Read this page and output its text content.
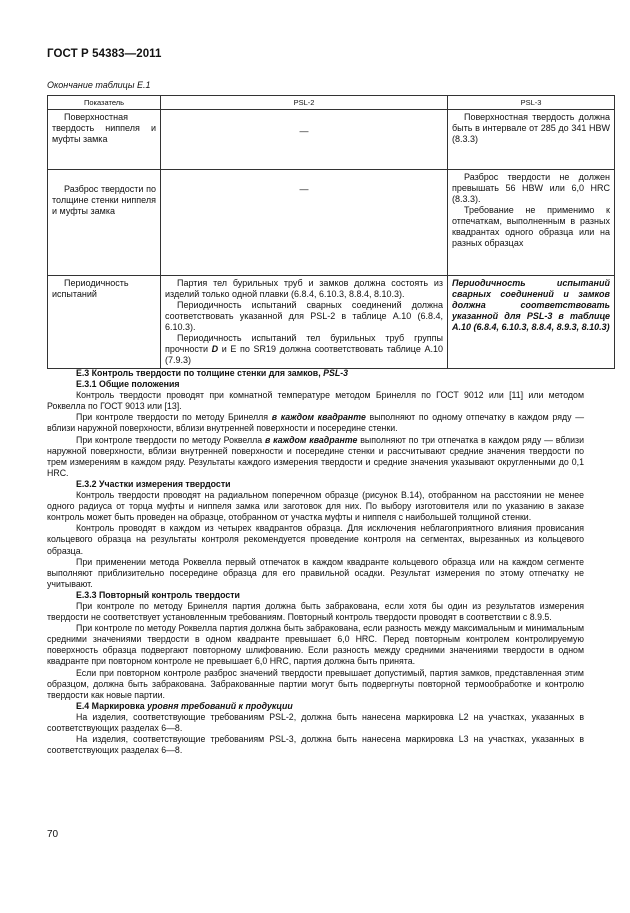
ГОСТ Р 54383—2011
Окончание таблицы Е.1
Показатель	PSL-2	PSL-3

Поверхностная твердость ниппеля и муфты замка	—	Поверхностная твердость должна быть в интервале от 285 до 341 HBW (8.3.3)

Разброс твердости по толщине стенки ниппеля и муфты замка	—	Разброс твердости не должен превышать 56 HBW или 6,0 HRC (8.3.3).

Требование не применимо к отпечаткам, выполненным в разных квадрантах одного образца или на разных образцах

Периодичность испытаний	Партия тел бурильных труб и замков должна состоять из изделий только одной плавки (6.8.4, 6.10.3, 8.8.4, 8.10.3).

Периодичность испытаний сварных соединений должна соответствовать указанной для PSL-2 в таблице А.10 (6.8.4, 6.10.3).

Периодичность испытаний тел бурильных труб группы прочности D и Е по SR19 должна соответствовать таблице А.10 (7.9.3)	Периодичность испытаний сварных соединений и замков должна соответствовать указанной для PSL-3 в таблице А.10 (6.8.4, 6.10.3, 8.8.4, 8.9.3, 8.10.3)

Е.3 Контроль твердости по толщине стенки для замков, PSL-3

Е.3.1 Общие положения

Контроль твердости проводят при комнатной температуре методом Бринелля по ГОСТ 9012 или [11] или методом Роквелла по ГОСТ 9013 или [13].

При контроле твердости по методу Бринелля в каждом квадранте выполняют по одному отпечатку в каждом ряду — вблизи наружной поверхности, вблизи внутренней поверхности и посередине стенки.

При контроле твердости по методу Роквелла в каждом квадранте выполняют по три отпечатка в каждом ряду — вблизи наружной поверхности, вблизи внутренней поверхности и посередине стенки и рассчитывают средние значения твердости по трем измерениям в каждом ряду. Результаты каждого измерения твердости и средние значения указывают округленными до 0,1 HRC.

Е.3.2 Участки измерения твердости

Контроль твердости проводят на радиальном поперечном образце (рисунок В.14), отобранном на расстоянии не менее одного радиуса от торца муфты и ниппеля замка или заготовок для них. По выбору изготовителя или по указанию в заказе контроль может быть проведен на образце, отобранном от участка муфты и ниппеля с наибольшей толщиной стенки.

Контроль проводят в каждом из четырех квадрантов образца. Для исключения неблагоприятного влияния провисания кольцевого образца на результаты контроля рекомендуется проведение контроля на сегментах, вырезанных из кольцевого образца.

При применении метода Роквелла первый отпечаток в каждом квадранте кольцевого образца или на каждом сегменте выполняют приблизительно посередине образца для его правильной осадки. Результат измерения по этому отпечатку не учитывают.

Е.3.3 Повторный контроль твердости

При контроле по методу Бринелля партия должна быть забракована, если хотя бы один из результатов измерения твердости не соответствует установленным требованиям. Повторный контроль твердости проводят в соответствии с 8.9.5.

При контроле по методу Роквелла партия должна быть забракована, если разность между максимальным и минимальным средними значениями твердости в одном квадранте превышает 6,0 HRC. Перед повторным контролем контролируемую поверхность образца подвергают повторному шлифованию. Если разность между средними значениями твердости в одном квадранте при повторном контроле не превышает 6,0 HRC, партия должна быть принята.

Если при повторном контроле разброс значений твердости превышает допустимый, партия замков, представленная этим образцом, должна быть забракована. Забракованные партии могут быть подвергнуты повторной термообработке и контролю твердости как новые партии.

Е.4 Маркировка уровня требований к продукции

На изделия, соответствующие требованиям PSL-2, должна быть нанесена маркировка L2 на участках, указанных в соответствующих разделах 6—8.

На изделия, соответствующие требованиям PSL-3, должна быть нанесена маркировка L3 на участках, указанных в соответствующих разделах 6—8.

70
